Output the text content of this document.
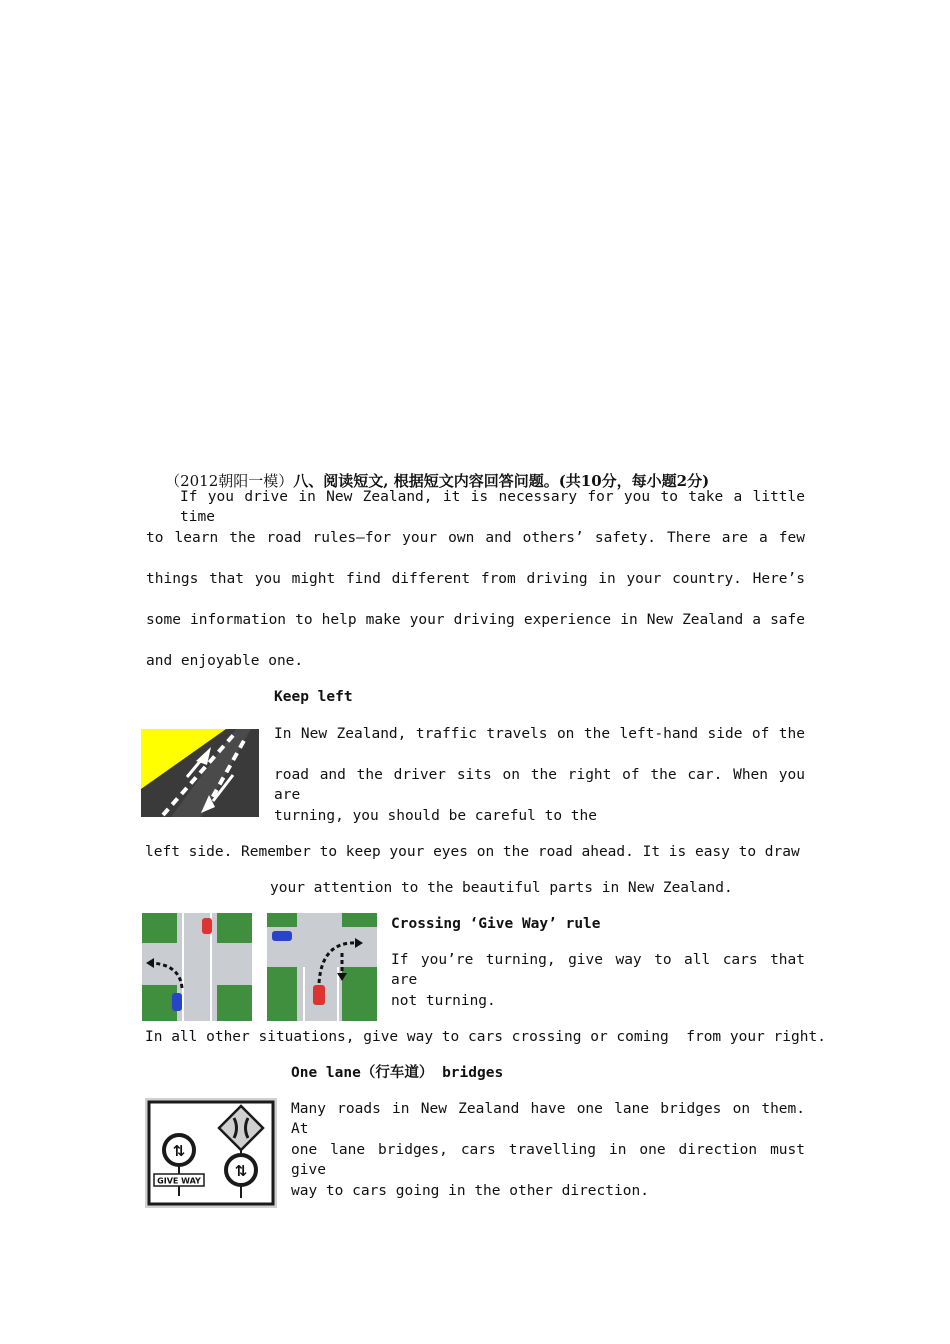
（2012朝阳一模）八、阅读短文, 根据短文内容回答问题。(共10分，每小题2分)

If you drive in New Zealand, it is necessary for you to take a little time
to learn the road rules—for your own and others’ safety. There are a few
things that you might find different from driving in your country. Here’s
some information to help make your driving experience in New Zealand a safe
and enjoyable one.
Keep left
In New Zealand, traffic travels on the left-hand side of the
road and the driver sits on the right of the car. When you are
turning, you should be careful to the
left side. Remember to keep your eyes on the road ahead. It is easy to draw
your attention to the beautiful parts in New Zealand.
Crossing ‘Give Way’ rule
If you’re turning, give way to all cars that are
not turning.
In all other situations, give way to cars crossing or coming  from your right.
One lane（行车道） bridges
⇅
GIVE WAY
⇅
Many roads in New Zealand have one lane bridges on them. At
one lane bridges, cars travelling in one direction must give
way to cars going in the other direction.
